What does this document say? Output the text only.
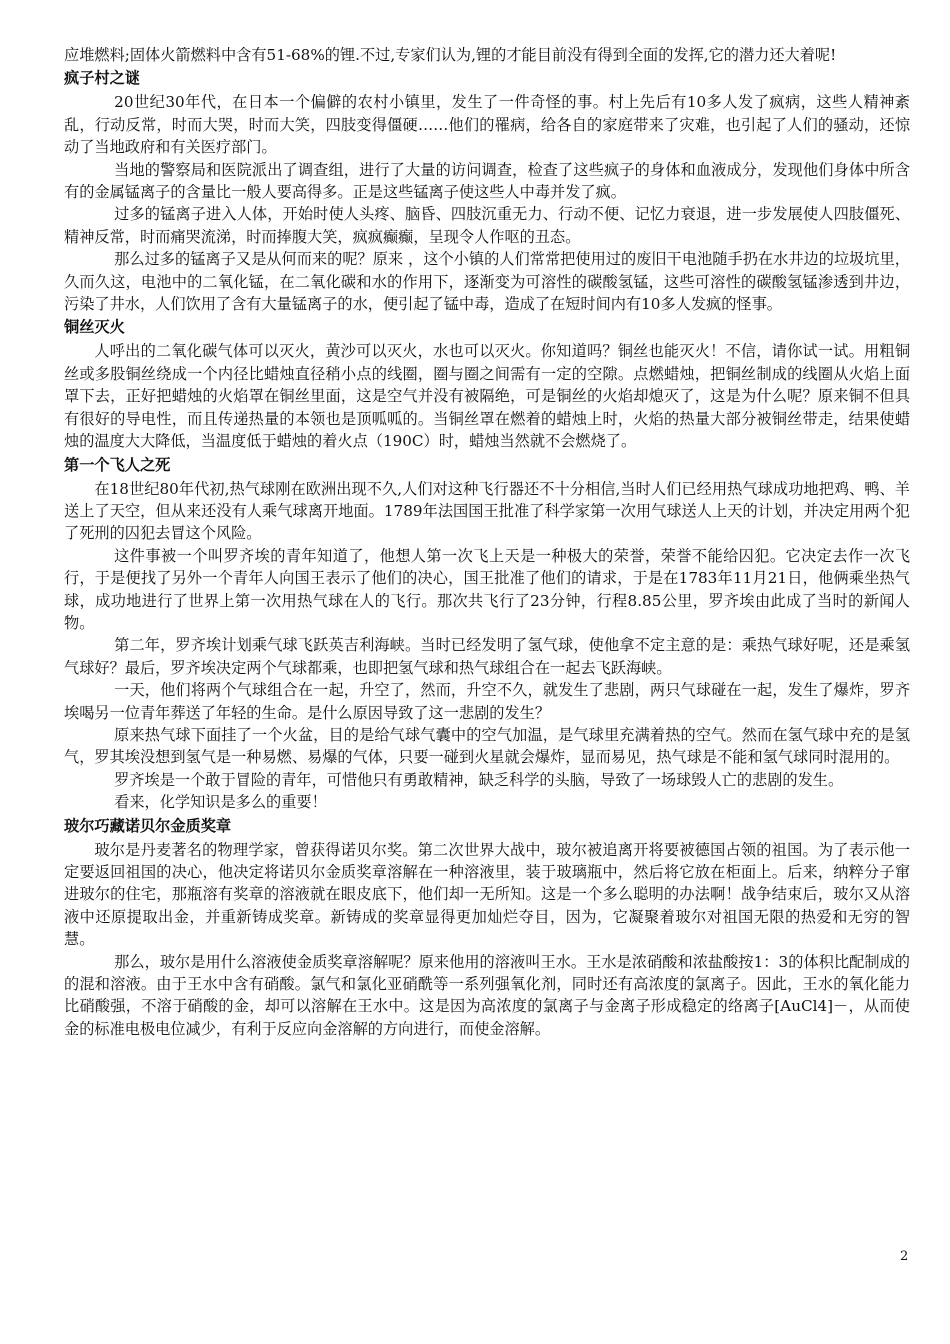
应堆燃料;固体火箭燃料中含有51-68%的锂.不过,专家们认为,锂的才能目前没有得到全面的发挥,它的潜力还大着呢!

疯子村之谜

20世纪30年代，在日本一个偏僻的农村小镇里，发生了一件奇怪的事。村上先后有10多人发了疯病，这些人精神紊乱，行动反常，时而大哭，时而大笑，四肢变得僵硬……他们的罹病，给各自的家庭带来了灾难，也引起了人们的骚动，还惊动了当地政府和有关医疗部门。

当地的警察局和医院派出了调查组，进行了大量的访问调查，检查了这些疯子的身体和血液成分，发现他们身体中所含有的金属锰离子的含量比一般人要高得多。正是这些锰离子使这些人中毒并发了疯。

过多的锰离子进入人体，开始时使人头疼、脑昏、四肢沉重无力、行动不便、记忆力衰退，进一步发展使人四肢僵死、精神反常，时而痛哭流涕，时而捧腹大笑，疯疯癫癫，呈现令人作呕的丑态。

那么过多的锰离子又是从何而来的呢？原来 ，这个小镇的人们常常把使用过的废旧干电池随手扔在水井边的垃圾坑里，久而久这，电池中的二氧化锰，在二氧化碳和水的作用下，逐渐变为可溶性的碳酸氢锰，这些可溶性的碳酸氢锰渗透到井边，污染了井水，人们饮用了含有大量锰离子的水，便引起了锰中毒，造成了在短时间内有10多人发疯的怪事。

铜丝灭火

人呼出的二氧化碳气体可以灭火，黄沙可以灭火，水也可以灭火。你知道吗？铜丝也能灭火！不信，请你试一试。用粗铜丝或多股铜丝绕成一个内径比蜡烛直径稍小点的线圈，圈与圈之间需有一定的空隙。点燃蜡烛，把铜丝制成的线圈从火焰上面罩下去，正好把蜡烛的火焰罩在铜丝里面，这是空气并没有被隔绝，可是铜丝的火焰却熄灭了，这是为什么呢？原来铜不但具有很好的导电性，而且传递热量的本领也是顶呱呱的。当铜丝罩在燃着的蜡烛上时，火焰的热量大部分被铜丝带走，结果使蜡烛的温度大大降低，当温度低于蜡烛的着火点（190C）时，蜡烛当然就不会燃烧了。

第一个飞人之死

在18世纪80年代初,热气球刚在欧洲出现不久,人们对这种飞行器还不十分相信,当时人们已经用热气球成功地把鸡、鸭、羊送上了天空，但从来还没有人乘气球离开地面。1789年法国国王批准了科学家第一次用气球送人上天的计划，并决定用两个犯了死刑的囚犯去冒这个风险。

这件事被一个叫罗齐埃的青年知道了，他想人第一次飞上天是一种极大的荣誉，荣誉不能给囚犯。它决定去作一次飞行，于是便找了另外一个青年人向国王表示了他们的决心，国王批准了他们的请求，于是在1783年11月21日，他俩乘坐热气球，成功地进行了世界上第一次用热气球在人的飞行。那次共飞行了23分钟，行程8.85公里，罗齐埃由此成了当时的新闻人物。

第二年，罗齐埃计划乘气球飞跃英吉利海峡。当时已经发明了氢气球，使他拿不定主意的是：乘热气球好呢，还是乘氢气球好？最后，罗齐埃决定两个气球都乘，也即把氢气球和热气球组合在一起去飞跃海峡。

一天，他们将两个气球组合在一起，升空了，然而，升空不久，就发生了悲剧，两只气球碰在一起，发生了爆炸，罗齐埃喝另一位青年葬送了年轻的生命。是什么原因导致了这一悲剧的发生？

原来热气球下面挂了一个火盆，目的是给气球气囊中的空气加温，是气球里充满着热的空气。然而在氢气球中充的是氢气，罗其埃没想到氢气是一种易燃、易爆的气体，只要一碰到火星就会爆炸，显而易见，热气球是不能和氢气球同时混用的。

罗齐埃是一个敢于冒险的青年，可惜他只有勇敢精神，缺乏科学的头脑，导致了一场球毁人亡的悲剧的发生。

看来，化学知识是多么的重要！

玻尔巧藏诺贝尔金质奖章

玻尔是丹麦著名的物理学家，曾获得诺贝尔奖。第二次世界大战中，玻尔被追离开将要被德国占领的祖国。为了表示他一定要返回祖国的决心，他决定将诺贝尔金质奖章溶解在一种溶液里，装于玻璃瓶中，然后将它放在柜面上。后来，纳粹分子窜进玻尔的住宅，那瓶溶有奖章的溶液就在眼皮底下，他们却一无所知。这是一个多么聪明的办法啊！战争结束后，玻尔又从溶液中还原提取出金，并重新铸成奖章。新铸成的奖章显得更加灿烂夺目，因为，它凝聚着玻尔对祖国无限的热爱和无穷的智慧。

那么，玻尔是用什么溶液使金质奖章溶解呢？原来他用的溶液叫王水。王水是浓硝酸和浓盐酸按1：3的体积比配制成的的混和溶液。由于王水中含有硝酸。氯气和氯化亚硝酰等一系列强氧化剂，同时还有高浓度的氯离子。因此，王水的氧化能力比硝酸强，不溶于硝酸的金，却可以溶解在王水中。这是因为高浓度的氯离子与金离子形成稳定的络离子[AuCl4]－，从而使金的标准电极电位减少，有利于反应向金溶解的方向进行，而使金溶解。

2
